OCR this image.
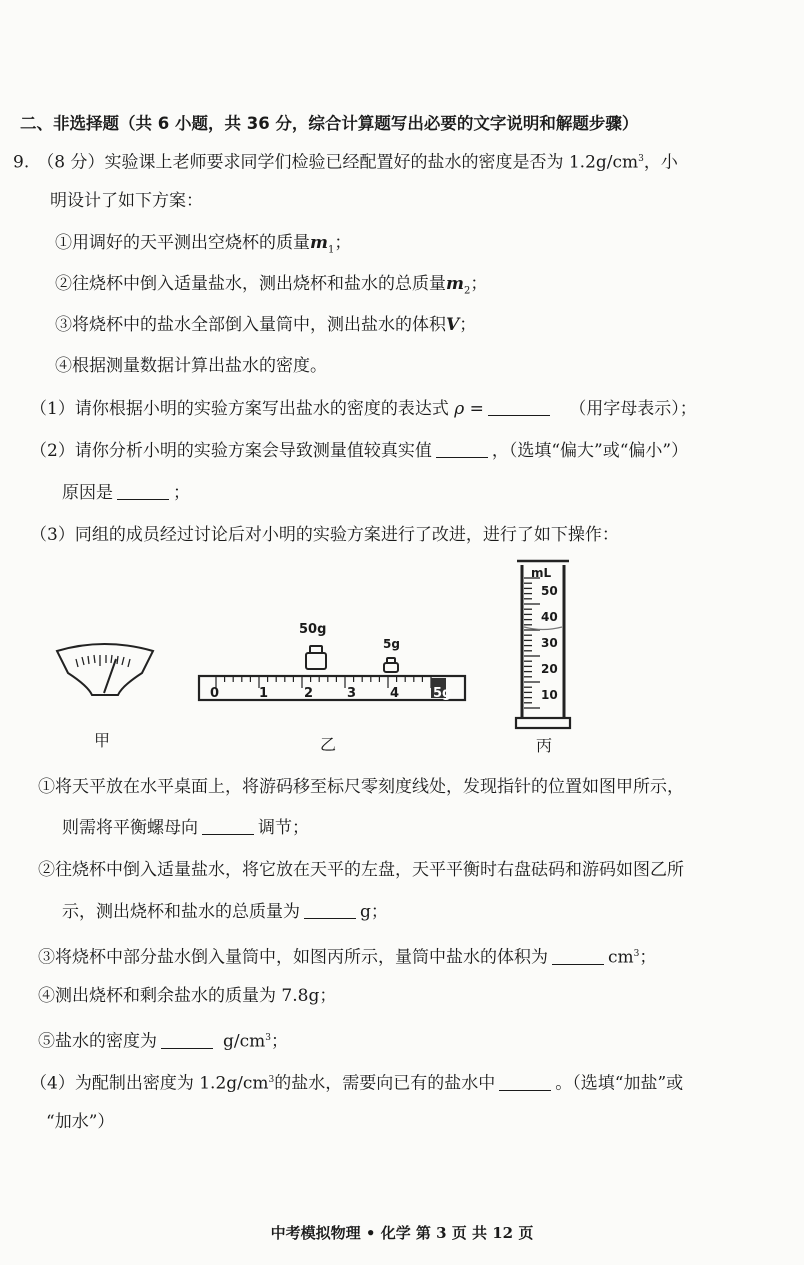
二、非选择题（共 6 小题，共 36 分，综合计算题写出必要的文字说明和解题步骤）
9. （8 分）实验课上老师要求同学们检验已经配置好的盐水的密度是否为 $1.2g/cm^3$，小
明设计了如下方案：
①用调好的天平测出空烧杯的质量$m_1$；
②往烧杯中倒入适量盐水，测出烧杯和盐水的总质量$m_2$；
③将烧杯中的盐水全部倒入量筒中，测出盐水的体积V；
④根据测量数据计算出盐水的密度。
（1）请你根据小明的实验方案写出盐水的密度的表达式 ρ =	（用字母表示）；
（2）请你分析小明的实验方案会导致测量值较真实值	，（选填“偏大”或“偏小”）
原因是	；
（3）同组的成员经过讨论后对小明的实验方案进行了改进，进行了如下操作：
50g
5g
0	1	2	3	4	5g
mL
50
40
30
20
10
甲	乙	丙
①将天平放在水平桌面上，将游码移至标尺零刻度线处，发现指针的位置如图甲所示，
则需将平衡螺母向	调节；
②往烧杯中倒入适量盐水，将它放在天平的左盘，天平平衡时右盘砝码和游码如图乙所
示，测出烧杯和盐水的总质量为	g；
③将烧杯中部分盐水倒入量筒中，如图丙所示，量筒中盐水的体积为	$cm^3$；
④测出烧杯和剩余盐水的质量为 7.8g；
⑤盐水的密度为	$g/cm^3$；
（4）为配制出密度为 $1.2g/cm^3$的盐水，需要向已有的盐水中	。（选填“加盐”或
“加水”）
中考模拟物理 • 化学 第 3 页 共 12 页
